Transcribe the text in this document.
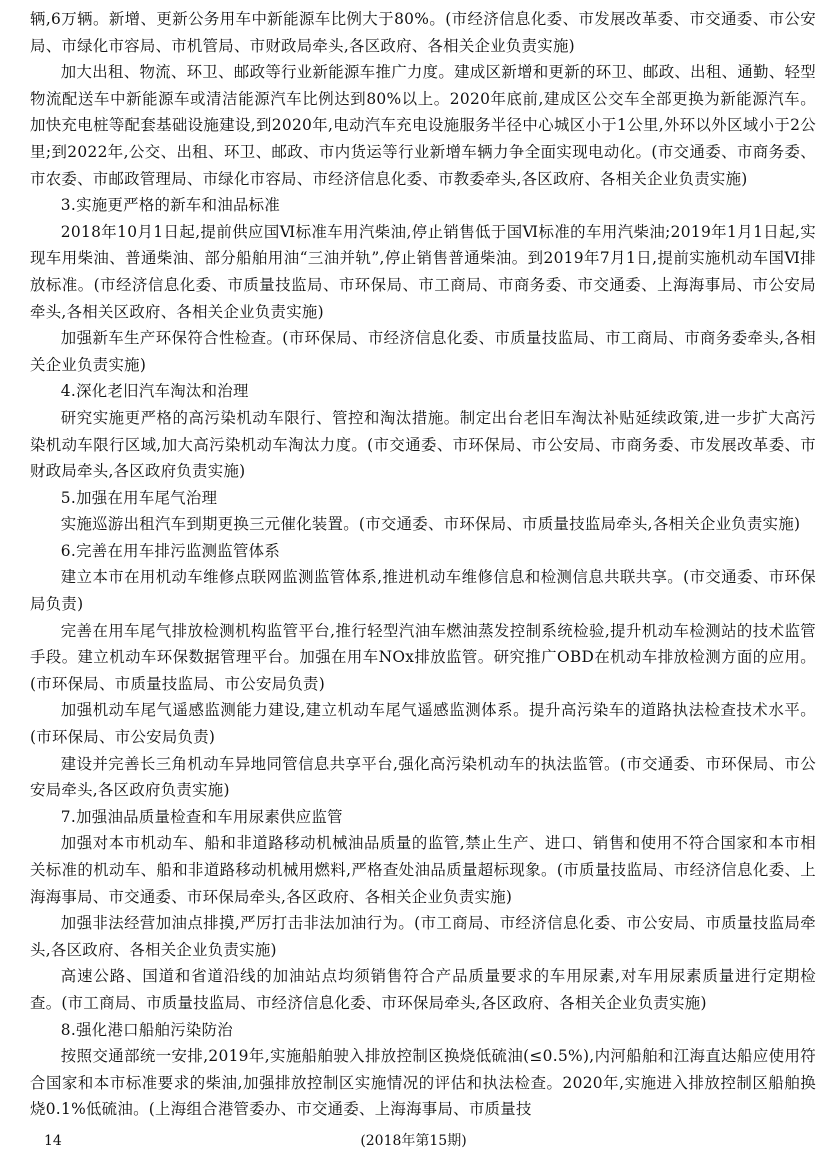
辆,6万辆。新增、更新公务用车中新能源车比例大于80%。(市经济信息化委、市发展改革委、市交通委、市公安局、市绿化市容局、市机管局、市财政局牵头,各区政府、各相关企业负责实施)

加大出租、物流、环卫、邮政等行业新能源车推广力度。建成区新增和更新的环卫、邮政、出租、通勤、轻型物流配送车中新能源车或清洁能源汽车比例达到80%以上。2020年底前,建成区公交车全部更换为新能源汽车。加快充电桩等配套基础设施建设,到2020年,电动汽车充电设施服务半径中心城区小于1公里,外环以外区域小于2公里;到2022年,公交、出租、环卫、邮政、市内货运等行业新增车辆力争全面实现电动化。(市交通委、市商务委、市农委、市邮政管理局、市绿化市容局、市经济信息化委、市教委牵头,各区政府、各相关企业负责实施)

3.实施更严格的新车和油品标准

2018年10月1日起,提前供应国Ⅵ标准车用汽柴油,停止销售低于国Ⅵ标准的车用汽柴油;2019年1月1日起,实现车用柴油、普通柴油、部分船舶用油“三油并轨”,停止销售普通柴油。到2019年7月1日,提前实施机动车国Ⅵ排放标准。(市经济信息化委、市质量技监局、市环保局、市工商局、市商务委、市交通委、上海海事局、市公安局牵头,各相关区政府、各相关企业负责实施)

加强新车生产环保符合性检查。(市环保局、市经济信息化委、市质量技监局、市工商局、市商务委牵头,各相关企业负责实施)

4.深化老旧汽车淘汰和治理

研究实施更严格的高污染机动车限行、管控和淘汰措施。制定出台老旧车淘汰补贴延续政策,进一步扩大高污染机动车限行区域,加大高污染机动车淘汰力度。(市交通委、市环保局、市公安局、市商务委、市发展改革委、市财政局牵头,各区政府负责实施)

5.加强在用车尾气治理

实施巡游出租汽车到期更换三元催化装置。(市交通委、市环保局、市质量技监局牵头,各相关企业负责实施)

6.完善在用车排污监测监管体系

建立本市在用机动车维修点联网监测监管体系,推进机动车维修信息和检测信息共联共享。(市交通委、市环保局负责)

完善在用车尾气排放检测机构监管平台,推行轻型汽油车燃油蒸发控制系统检验,提升机动车检测站的技术监管手段。建立机动车环保数据管理平台。加强在用车NOx排放监管。研究推广OBD在机动车排放检测方面的应用。(市环保局、市质量技监局、市公安局负责)

加强机动车尾气遥感监测能力建设,建立机动车尾气遥感监测体系。提升高污染车的道路执法检查技术水平。(市环保局、市公安局负责)

建设并完善长三角机动车异地同管信息共享平台,强化高污染机动车的执法监管。(市交通委、市环保局、市公安局牵头,各区政府负责实施)

7.加强油品质量检查和车用尿素供应监管

加强对本市机动车、船和非道路移动机械油品质量的监管,禁止生产、进口、销售和使用不符合国家和本市相关标准的机动车、船和非道路移动机械用燃料,严格查处油品质量超标现象。(市质量技监局、市经济信息化委、上海海事局、市交通委、市环保局牵头,各区政府、各相关企业负责实施)

加强非法经营加油点排摸,严厉打击非法加油行为。(市工商局、市经济信息化委、市公安局、市质量技监局牵头,各区政府、各相关企业负责实施)

高速公路、国道和省道沿线的加油站点均须销售符合产品质量要求的车用尿素,对车用尿素质量进行定期检查。(市工商局、市质量技监局、市经济信息化委、市环保局牵头,各区政府、各相关企业负责实施)

8.强化港口船舶污染防治

按照交通部统一安排,2019年,实施船舶驶入排放控制区换烧低硫油(≤0.5%),内河船舶和江海直达船应使用符合国家和本市标准要求的柴油,加强排放控制区实施情况的评估和执法检查。2020年,实施进入排放控制区船舶换烧0.1%低硫油。(上海组合港管委办、市交通委、上海海事局、市质量技

14	(2018年第15期)
